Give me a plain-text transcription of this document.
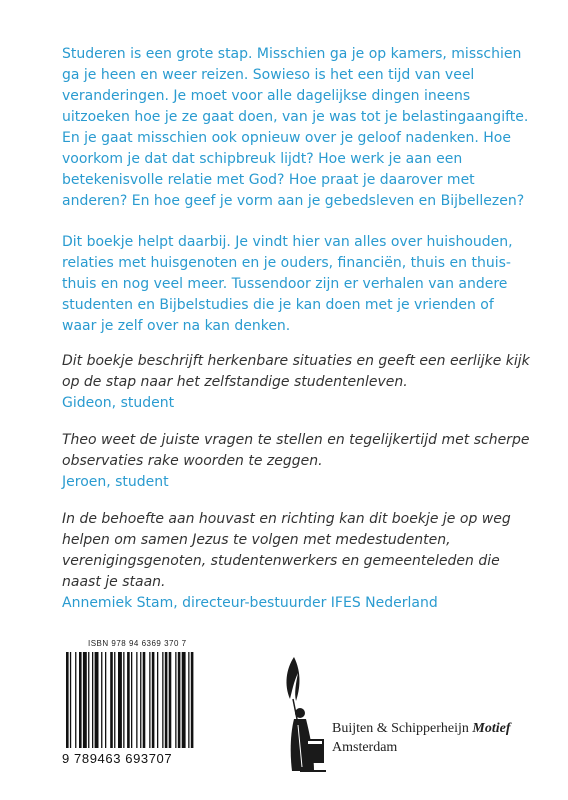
Studeren is een grote stap. Misschien ga je op kamers, misschien ga je heen en weer reizen. Sowieso is het een tijd van veel veranderingen. Je moet voor alle dagelijkse dingen ineens uitzoeken hoe je ze gaat doen, van je was tot je belastingaangifte. En je gaat misschien ook opnieuw over je geloof nadenken. Hoe voorkom je dat dat schipbreuk lijdt? Hoe werk je aan een betekenisvolle relatie met God? Hoe praat je daarover met anderen? En hoe geef je vorm aan je gebedsleven en Bijbellezen?

Dit boekje helpt daarbij. Je vindt hier van alles over huishouden, relaties met huisgenoten en je ouders, financiën, thuis en thuisthuis en nog veel meer. Tussendoor zijn er verhalen van andere studenten en Bijbelstudies die je kan doen met je vrienden of waar je zelf over na kan denken.

Dit boekje beschrijft herkenbare situaties en geeft een eerlijke kijk op de stap naar het zelfstandige studentenleven.
Gideon, student
Theo weet de juiste vragen te stellen en tegelijkertijd met scherpe observaties rake woorden te zeggen.
Jeroen, student
In de behoefte aan houvast en richting kan dit boekje je op weg helpen om samen Jezus te volgen met medestudenten, verenigingsgenoten, studentenwerkers en gemeenteleden die naast je staan.
Annemiek Stam, directeur-bestuurder IFES Nederland
ISBN 978 94 6369 370 7
9 789463 693707
Buijten & Schipperheijn Motief
Amsterdam
